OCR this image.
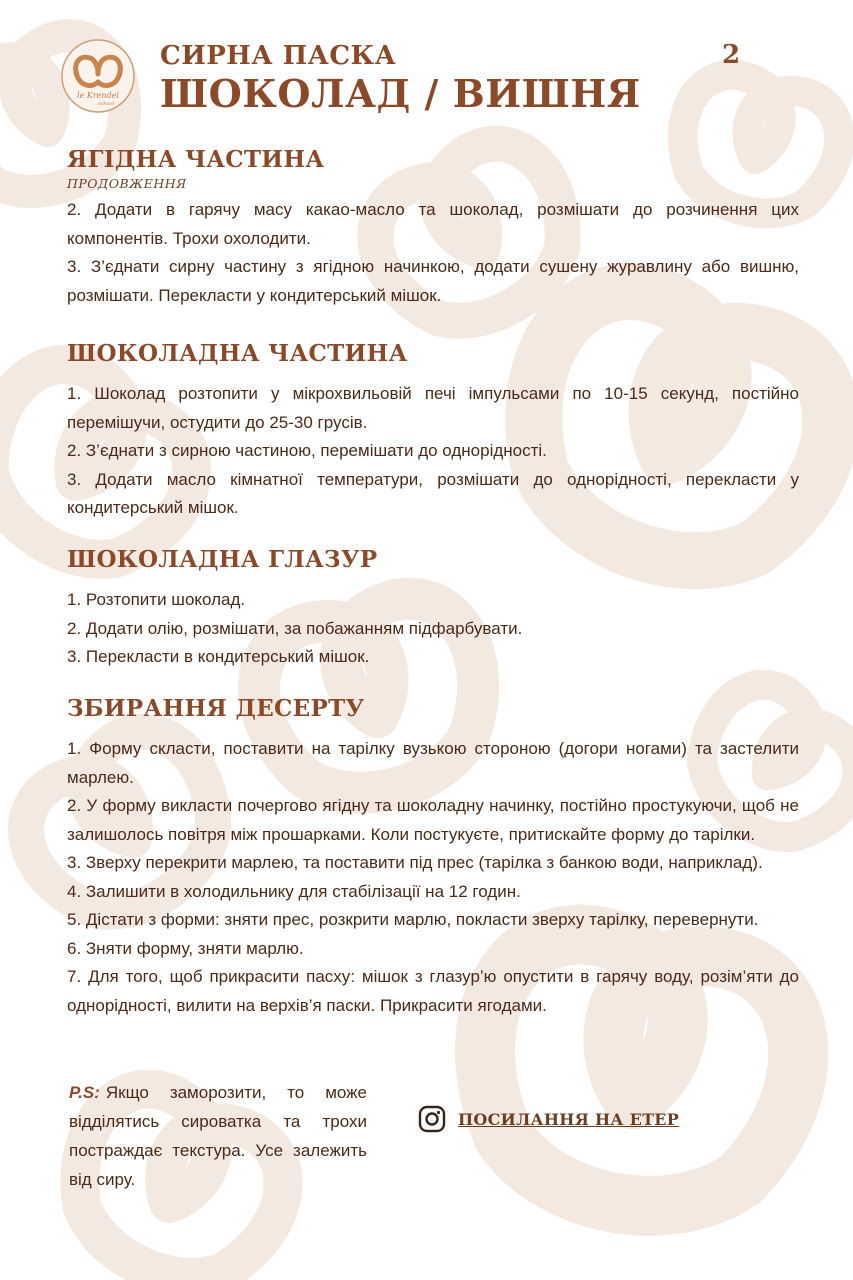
le Krendel
school
СИРНА ПАСКА
ШОКОЛАД / ВИШНЯ
2
ЯГІДНА ЧАСТИНА
ПРОДОВЖЕННЯ

2. Додати в гарячу масу какао-масло та шоколад, розмішати до розчинення цих компонентів. Трохи охолодити.

3. З’єднати сирну частину з ягідною начинкою, додати сушену журавлину або вишню, розмішати. Перекласти у кондитерський мішок.

ШОКОЛАДНА ЧАСТИНА

1. Шоколад розтопити у мікрохвильовій печі імпульсами по 10-15 секунд, постійно перемішучи, остудити до 25-30 грусів.

2. З’єднати з сирною частиною, перемішати до однорідності.

3. Додати масло кімнатної температури, розмішати до однорідності, перекласти у кондитерський мішок.

ШОКОЛАДНА ГЛАЗУР

1. Розтопити шоколад.

2. Додати олію, розмішати, за побажанням підфарбувати.

3. Перекласти в кондитерський мішок.

ЗБИРАННЯ ДЕСЕРТУ

1. Форму скласти, поставити на тарілку вузькою стороною (догори ногами) та застелити марлею.

2. У форму викласти почергово ягідну та шоколадну начинку, постійно простукуючи, щоб не залишолось повітря між прошарками. Коли постукуєте, притискайте форму до тарілки.

3. Зверху перекрити марлею, та поставити під прес (тарілка з банкою води, наприклад).

4. Залишити в холодильнику для стабілізації на 12 годин.

5. Дістати з форми: зняти прес, розкрити марлю, покласти зверху тарілку, перевернути.

6. Зняти форму, зняти марлю.

7. Для того, щоб прикрасити пасху: мішок з глазур’ю опустити в гарячу воду, розім’яти до однорідності, вилити на верхів’я паски. Прикрасити ягодами.

P.S: Якщо заморозити, то може відділятись сироватка та трохи постраждає текстура. Усе залежить від сиру.
ПОСИЛАННЯ НА ЕТЕР
